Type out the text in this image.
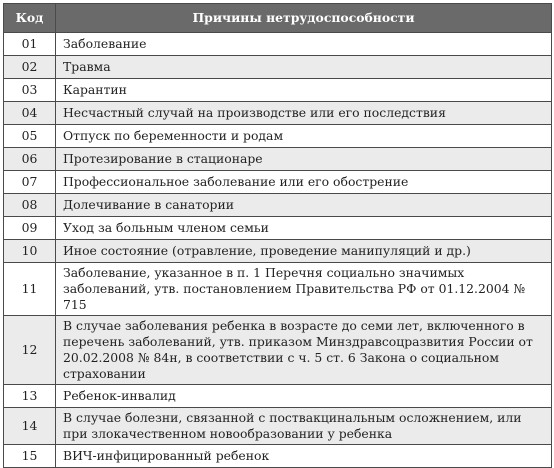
Код	Причины нетрудоспособности
01	Заболевание
02	Травма
03	Карантин
04	Несчастный случай на производстве или его последствия
05	Отпуск по беременности и родам
06	Протезирование в стационаре
07	Профессиональное заболевание или его обострение
08	Долечивание в санатории
09	Уход за больным членом семьи
10	Иное состояние (отравление, проведение манипуляций и др.)
11	Заболевание, указанное в п. 1 Перечня социально значимых заболеваний, утв. постановлением Правительства РФ от 01.12.2004 № 715
12	В случае заболевания ребенка в возрасте до семи лет, включенного в перечень заболеваний, утв. приказом Минздравсоцразвития России от 20.02.2008 № 84н, в соответствии с ч. 5 ст. 6 Закона о социальном страховании
13	Ребенок-инвалид
14	В случае болезни, связанной с поствакцинальным осложнением, или при злокачественном новообразовании у ребенка
15	ВИЧ-инфицированный ребенок
